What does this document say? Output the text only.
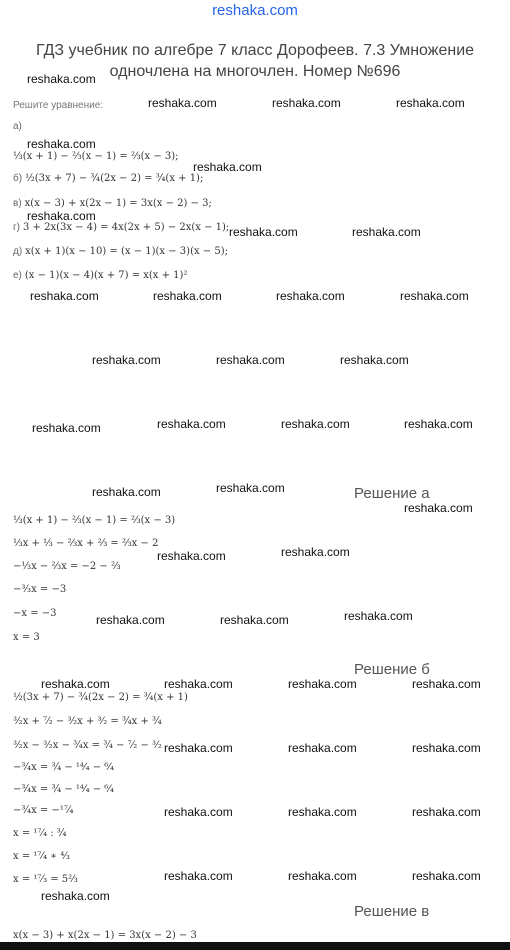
reshaka.com
ГДЗ учебник по алгебре 7 класс Дорофеев. 7.3 Умножение
одночлена на многочлен. Номер №696
Решите уравнение:
а)
⅓(x + 1) − ⅔(x − 1) = ⅔(x − 3);
б) ½(3x + 7) − ¾(2x − 2) = ¾(x + 1);
в) x(x − 3) + x(2x − 1) = 3x(x − 2) − 3;
г) 3 + 2x(3x − 4) = 4x(2x + 5) − 2x(x − 1);
д) x(x + 1)(x − 10) = (x − 1)(x − 3)(x − 5);
е) (x − 1)(x − 4)(x + 7) = x(x + 1)²
Решение а
⅓(x + 1) − ⅔(x − 1) = ⅔(x − 3)
⅓x + ⅓ − ⅔x + ⅔ = ⅔x − 2
−⅓x − ⅔x = −2 − ⅔
−³⁄₃x = −3
−x = −3
x = 3
Решение б
½(3x + 7) − ¾(2x − 2) = ¾(x + 1)
³⁄₂x + ⁷⁄₂ − ³⁄₂x + ³⁄₂ = ¾x + ¾
³⁄₂x − ³⁄₂x − ¾x = ¾ − ⁷⁄₂ − ³⁄₂
−¾x = ¾ − ¹⁴⁄₄ − ⁶⁄₄
−¾x = ¾ − ¹⁴⁄₄ − ⁶⁄₄
−¾x = −¹⁷⁄₄
x = ¹⁷⁄₄ : ¾
x = ¹⁷⁄₄ ∗ ⁴⁄₃
x = ¹⁷⁄₃ = 5⅔
Решение в
x(x − 3) + x(2x − 1) = 3x(x − 2) − 3
reshaka.com
reshaka.com	reshaka.com	reshaka.com
reshaka.com
reshaka.com
reshaka.com
reshaka.com	reshaka.com
reshaka.com	reshaka.com	reshaka.com	reshaka.com
reshaka.com	reshaka.com	reshaka.com
reshaka.com	reshaka.com	reshaka.com	reshaka.com
reshaka.com	reshaka.com
reshaka.com
reshaka.com	reshaka.com
reshaka.com	reshaka.com	reshaka.com
reshaka.com	reshaka.com	reshaka.com	reshaka.com
reshaka.com	reshaka.com	reshaka.com
reshaka.com	reshaka.com	reshaka.com
reshaka.com	reshaka.com	reshaka.com
reshaka.com
